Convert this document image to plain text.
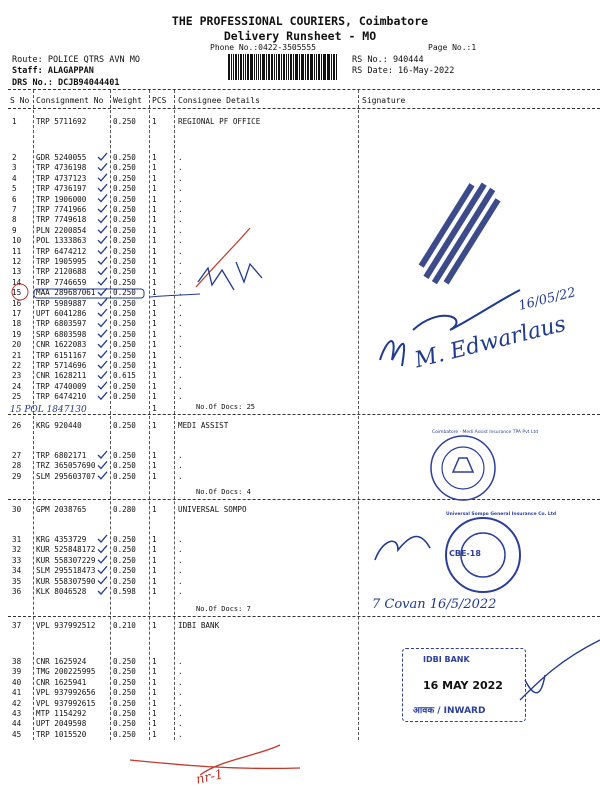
THE PROFESSIONAL COURIERS, Coimbatore
Delivery Runsheet - MO
Phone No.:0422-3505555	Page No.:1
Route: POLICE QTRS AVN MO
Staff: ALAGAPPAN
DRS No.: DCJB94044401
RS No.: 940444
RS Date: 16-May-2022
S No Consignment No Weight PCS Consignee Details	Signature
REGIONAL PF OFFICE
No.Of Docs: 25
1	TRP 5711692	0.250 1
2	GDR 5240055	0.250 1	.
3	TRP 4736198	0.250 1	.
4	TRP 4737123	0.250 1	.
5	TRP 4736197	0.250 1	.
6	TRP 1906000	0.250 1	.
7	TRP 7741966	0.250 1	.
8	TRP 7749618	0.250 1	.
9	PLN 2200854	0.250 1	.
10 POL 1333863	0.250 1	.
11 TRP 6474212	0.250 1	.
12 TRP 1905995	0.250 1	.
13 TRP 2120688	0.250 1	.
14 TRP 7746659	0.250 1	.
15 MAA 289687061 0.250 1	.
16 TRP 5989887	0.250 1	.
17 UPT 6041286	0.250 1	.
18 TRP 6803597	0.250 1	.
19 SRP 6803598	0.250 1	.
20 CNR 1622083	0.250 1	.
21 TRP 6151167	0.250 1	.
22 TRP 5714696	0.250 1	.
23 CNR 1628211	0.615 1	.
24 TRP 4740009	0.250 1	.
25 TRP 6474210	0.250 1	.
MEDI ASSIST
No.Of Docs: 4
26 KRG 920440	0.250 1
27 TRP 6802171	0.250 1	.
28 TRZ 365057690 0.250 1	.
29 SLM 295603707 0.250 1	.
UNIVERSAL SOMPO
No.Of Docs: 7
30 GPM 2038765	0.280 1
31 KRG 4353729	0.250 1	.
32 KUR 525848172 0.250 1	.
33 KUR 558307229 0.250 1	.
34 SLM 295518473 0.250 1	.
35 KUR 558307590 0.250 1	.
36 KLK 8046528	0.598 1	.
IDBI BANK
37 VPL 937992512 0.210 1
38 CNR 1625924	0.250 1	.
39 TMG 200225995 0.250 1	.
40 CNR 1625941	0.250 1	.
41 VPL 937992656 0.250 1	.
42 VPL 937992615 0.250 1	.
43 MTP 1154292	0.250 1	.
44 UPT 2049598	0.250 1	.
45 TRP 1015520	0.250 1	.
15 POL 1847130	1
CBE-18
Universal Sompo General Insurance Co. Ltd
Coimbatore · Medi Assist Insurance TPA Pvt Ltd
IDBI BANK
16 MAY 2022
आवक / INWARD
M. Edwarlaus
16/05/22
7 Covan 16/5/2022
nr-1
